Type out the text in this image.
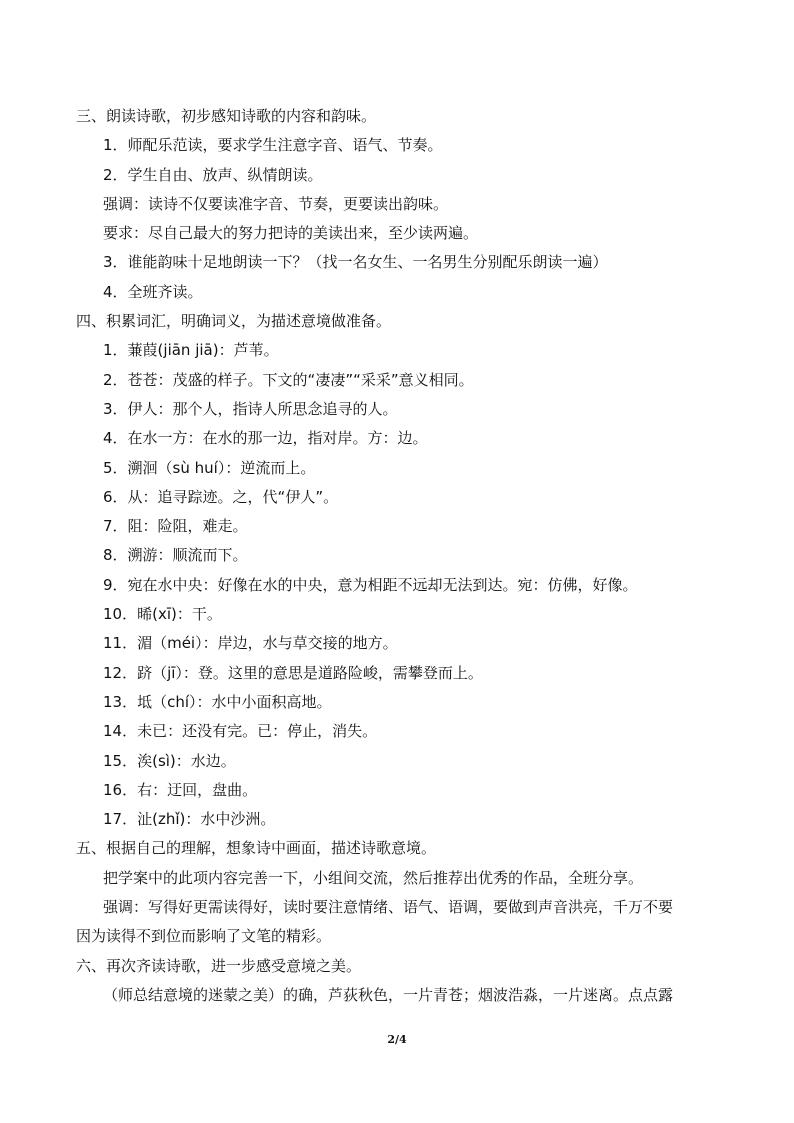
三、朗读诗歌，初步感知诗歌的内容和韵味。
1．师配乐范读，要求学生注意字音、语气、节奏。
2．学生自由、放声、纵情朗读。
强调：读诗不仅要读准字音、节奏，更要读出韵味。
要求：尽自己最大的努力把诗的美读出来，至少读两遍。
3．谁能韵味十足地朗读一下？（找一名女生、一名男生分别配乐朗读一遍）
4．全班齐读。
四、积累词汇，明确词义，为描述意境做准备。
1．蒹葭(jiān jiā)：芦苇。
2．苍苍：茂盛的样子。下文的“凄凄”“采采”意义相同。
3．伊人：那个人，指诗人所思念追寻的人。
4．在水一方：在水的那一边，指对岸。方：边。
5．溯洄（sù huí）：逆流而上。
6．从：追寻踪迹。之，代“伊人”。
7．阻：险阻，难走。
8．溯游：顺流而下。
9．宛在水中央：好像在水的中央，意为相距不远却无法到达。宛：仿佛，好像。
10．晞(xī)：干。
11．湄（méi）：岸边，水与草交接的地方。
12．跻（jī）：登。这里的意思是道路险峻，需攀登而上。
13．坻（chí）：水中小面积高地。
14．未已：还没有完。已：停止，消失。
15．涘(sì)：水边。
16．右：迂回，盘曲。
17．沚(zhǐ)：水中沙洲。
五、根据自己的理解，想象诗中画面，描述诗歌意境。
把学案中的此项内容完善一下，小组间交流，然后推荐出优秀的作品，全班分享。
强调：写得好更需读得好，读时要注意情绪、语气、语调，要做到声音洪亮，千万不要
因为读得不到位而影响了文笔的精彩。
六、再次齐读诗歌，进一步感受意境之美。
（师总结意境的迷蒙之美）的确，芦荻秋色，一片青苍；烟波浩淼，一片迷离。点点露
2/4
